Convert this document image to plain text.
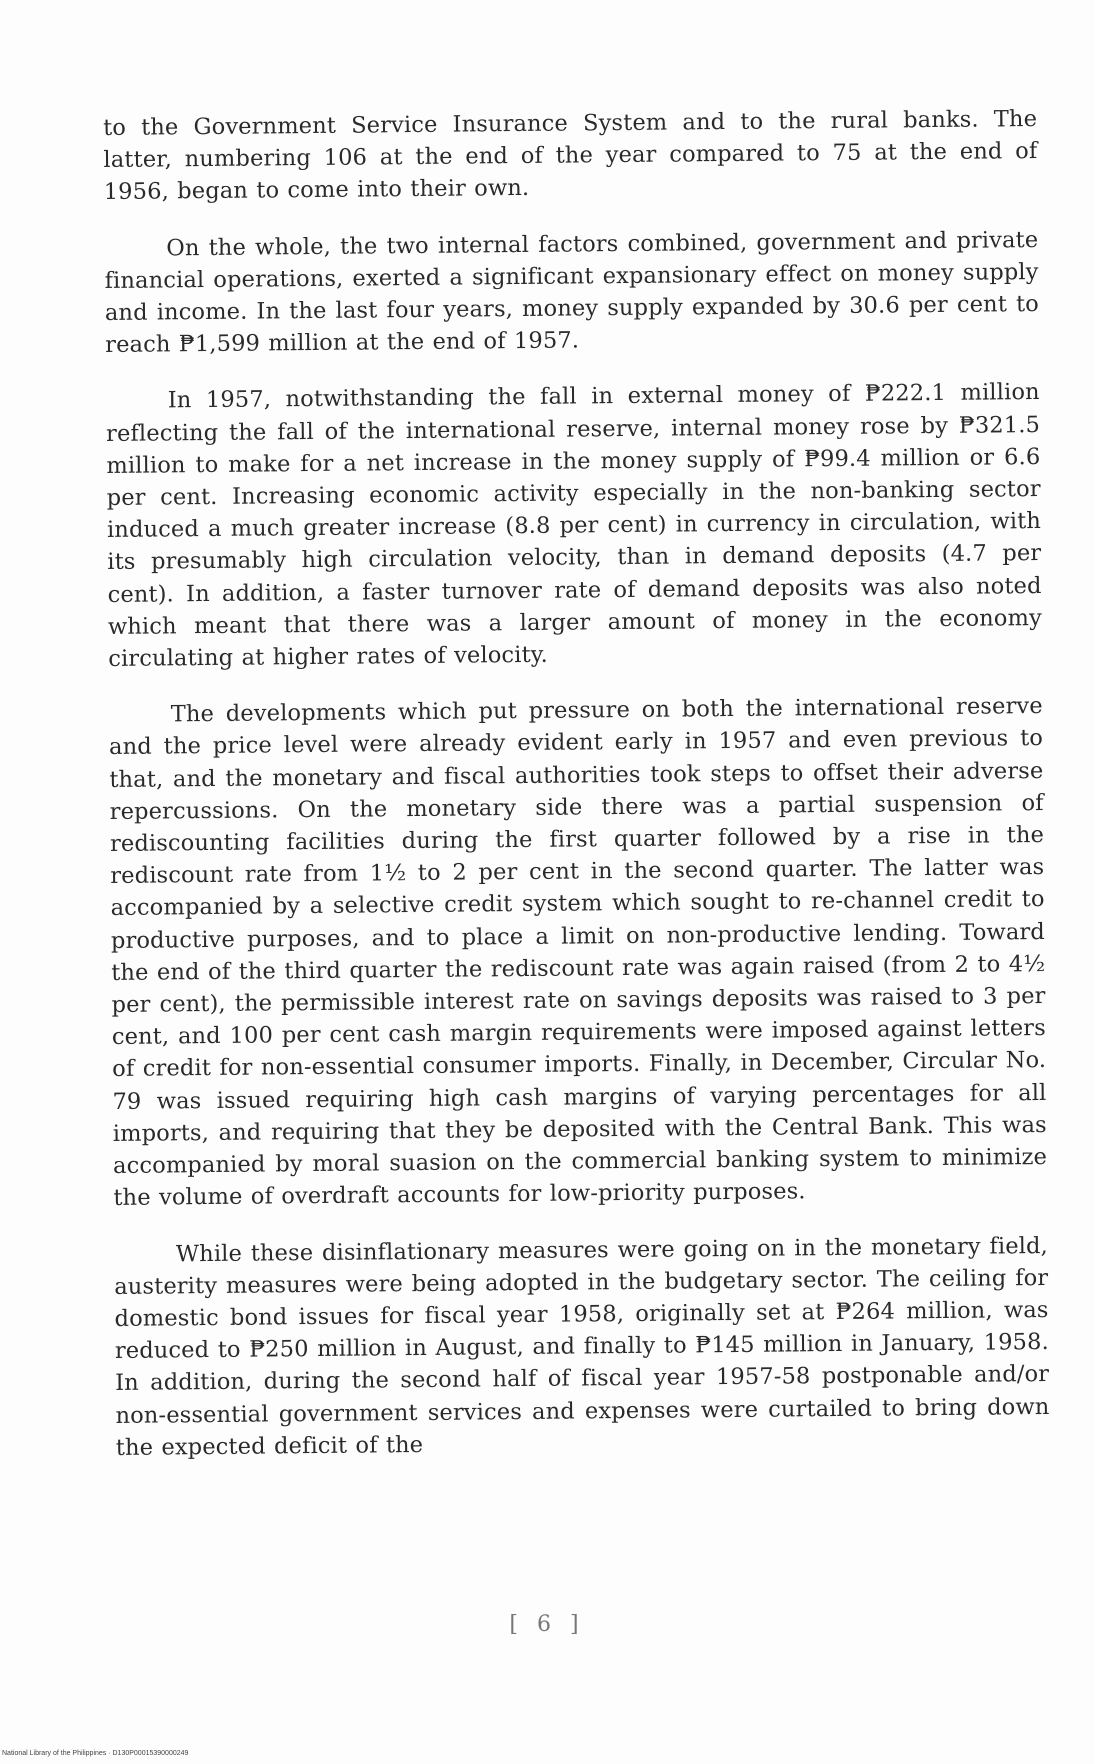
to the Government Service Insurance System and to the rural banks. The latter, numbering 106 at the end of the year compared to 75 at the end of 1956, began to come into their own.

On the whole, the two internal factors combined, government and private financial operations, exerted a significant expansionary effect on money supply and income. In the last four years, money supply expanded by 30.6 per cent to reach ₱1,599 million at the end of 1957.

In 1957, notwithstanding the fall in external money of ₱222.1 million reflecting the fall of the international reserve, internal money rose by ₱321.5 million to make for a net increase in the money supply of ₱99.4 million or 6.6 per cent. Increasing economic activity especially in the non-banking sector induced a much greater increase (8.8 per cent) in currency in circulation, with its presumably high circulation velocity, than in demand deposits (4.7 per cent). In addition, a faster turnover rate of demand deposits was also noted which meant that there was a larger amount of money in the economy circulating at higher rates of velocity.

The developments which put pressure on both the international reserve and the price level were already evident early in 1957 and even previous to that, and the monetary and fiscal authorities took steps to offset their adverse repercussions. On the monetary side there was a partial suspension of rediscounting facilities during the first quarter followed by a rise in the rediscount rate from 1½ to 2 per cent in the second quarter. The latter was accompanied by a selective credit system which sought to re-channel credit to productive purposes, and to place a limit on non-productive lending. Toward the end of the third quarter the rediscount rate was again raised (from 2 to 4½ per cent), the permissible interest rate on savings deposits was raised to 3 per cent, and 100 per cent cash margin requirements were imposed against letters of credit for non-essential consumer imports. Finally, in December, Circular No. 79 was issued requiring high cash margins of varying percentages for all imports, and requiring that they be deposited with the Central Bank. This was accompanied by moral suasion on the commercial banking system to minimize the volume of overdraft accounts for low-priority purposes.

While these disinflationary measures were going on in the monetary field, austerity measures were being adopted in the budgetary sector. The ceiling for domestic bond issues for fiscal year 1958, originally set at ₱264 million, was reduced to ₱250 million in August, and finally to ₱145 million in January, 1958. In addition, during the second half of fiscal year 1957-58 postponable and/or non-essential government services and expenses were curtailed to bring down the expected deficit of the

[ 6 ]
National Library of the Philippines · D130P00015390000249
